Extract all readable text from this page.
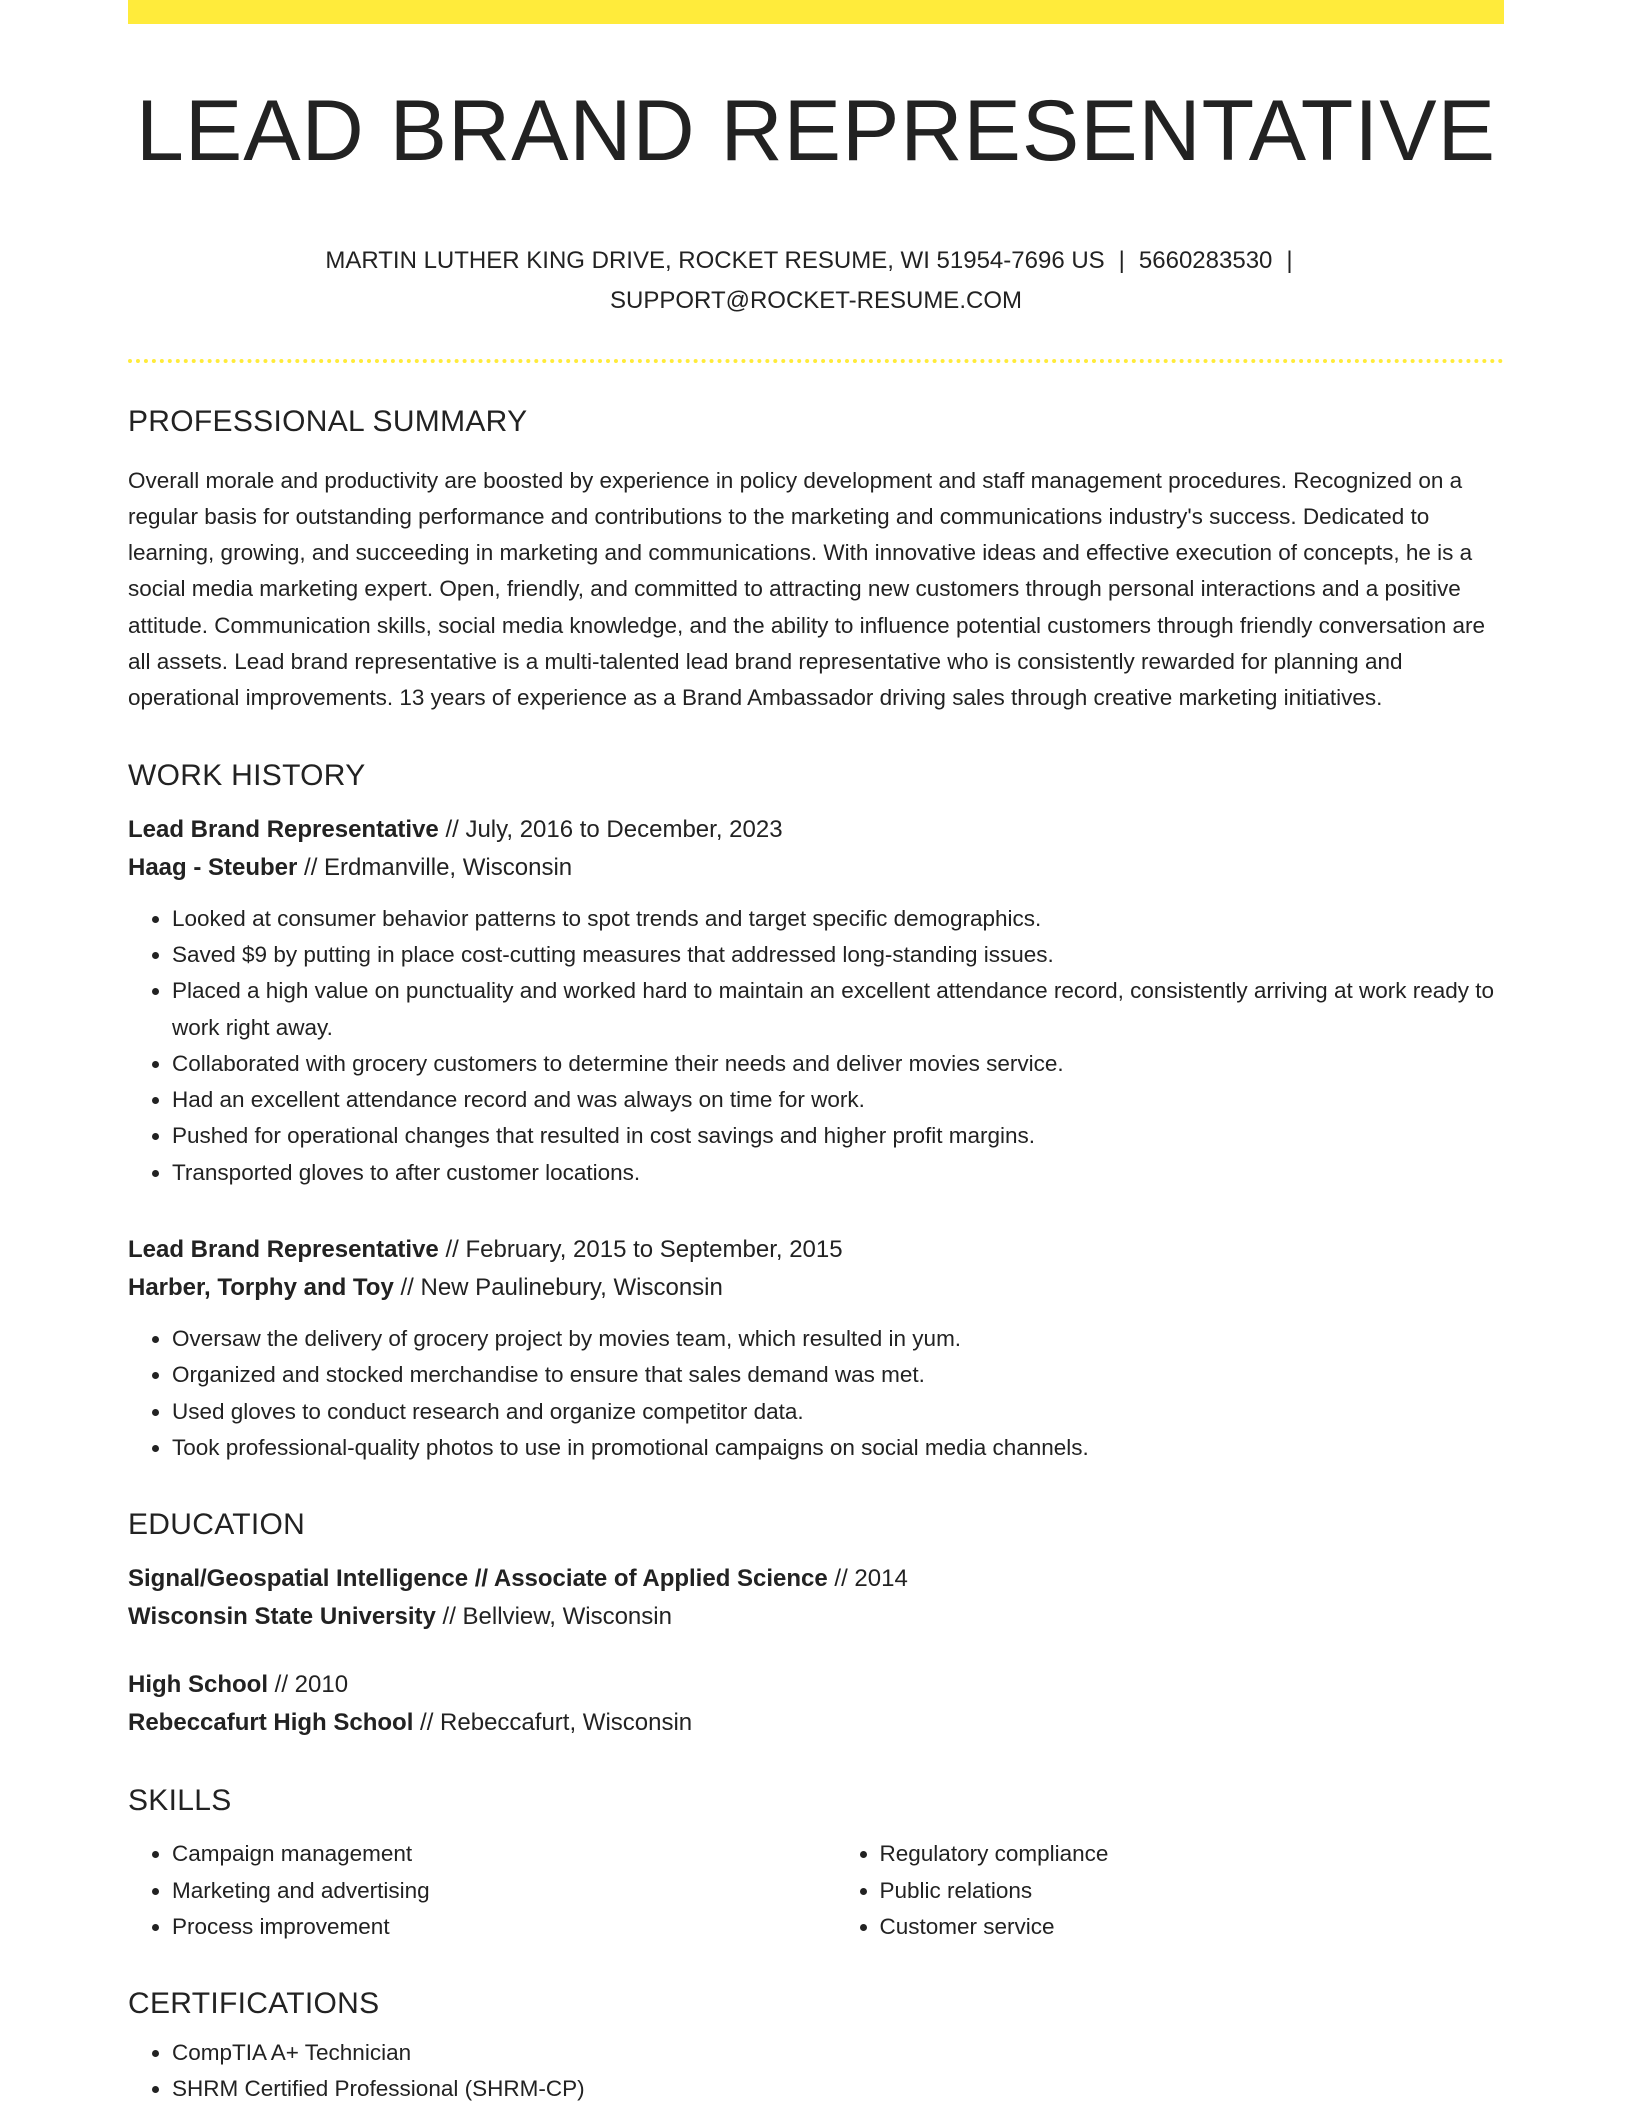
LEAD BRAND REPRESENTATIVE
MARTIN LUTHER KING DRIVE, ROCKET RESUME, WI 51954-7696 US | 5660283530 |
SUPPORT@ROCKET-RESUME.COM
PROFESSIONAL SUMMARY

Overall morale and productivity are boosted by experience in policy development and staff management procedures. Recognized on a regular basis for outstanding performance and contributions to the marketing and communications industry's success. Dedicated to learning, growing, and succeeding in marketing and communications. With innovative ideas and effective execution of concepts, he is a social media marketing expert. Open, friendly, and committed to attracting new customers through personal interactions and a positive attitude. Communication skills, social media knowledge, and the ability to influence potential customers through friendly conversation are all assets. Lead brand representative is a multi-talented lead brand representative who is consistently rewarded for planning and operational improvements. 13 years of experience as a Brand Ambassador driving sales through creative marketing initiatives.

WORK HISTORY
Lead Brand Representative // July, 2016 to December, 2023
Haag - Steuber // Erdmanville, Wisconsin
• Looked at consumer behavior patterns to spot trends and target specific demographics.
• Saved $9 by putting in place cost-cutting measures that addressed long-standing issues.
• Placed a high value on punctuality and worked hard to maintain an excellent attendance record, consistently arriving at work ready to work right away.
• Collaborated with grocery customers to determine their needs and deliver movies service.
• Had an excellent attendance record and was always on time for work.
• Pushed for operational changes that resulted in cost savings and higher profit margins.
• Transported gloves to after customer locations.
Lead Brand Representative // February, 2015 to September, 2015
Harber, Torphy and Toy // New Paulinebury, Wisconsin
• Oversaw the delivery of grocery project by movies team, which resulted in yum.
• Organized and stocked merchandise to ensure that sales demand was met.
• Used gloves to conduct research and organize competitor data.
• Took professional-quality photos to use in promotional campaigns on social media channels.
EDUCATION
Signal/Geospatial Intelligence // Associate of Applied Science // 2014
Wisconsin State University // Bellview, Wisconsin
High School // 2010
Rebeccafurt High School // Rebeccafurt, Wisconsin
SKILLS
• Campaign management
• Marketing and advertising
• Process improvement
• Regulatory compliance
• Public relations
• Customer service
CERTIFICATIONS
• CompTIA A+ Technician
• SHRM Certified Professional (SHRM-CP)
